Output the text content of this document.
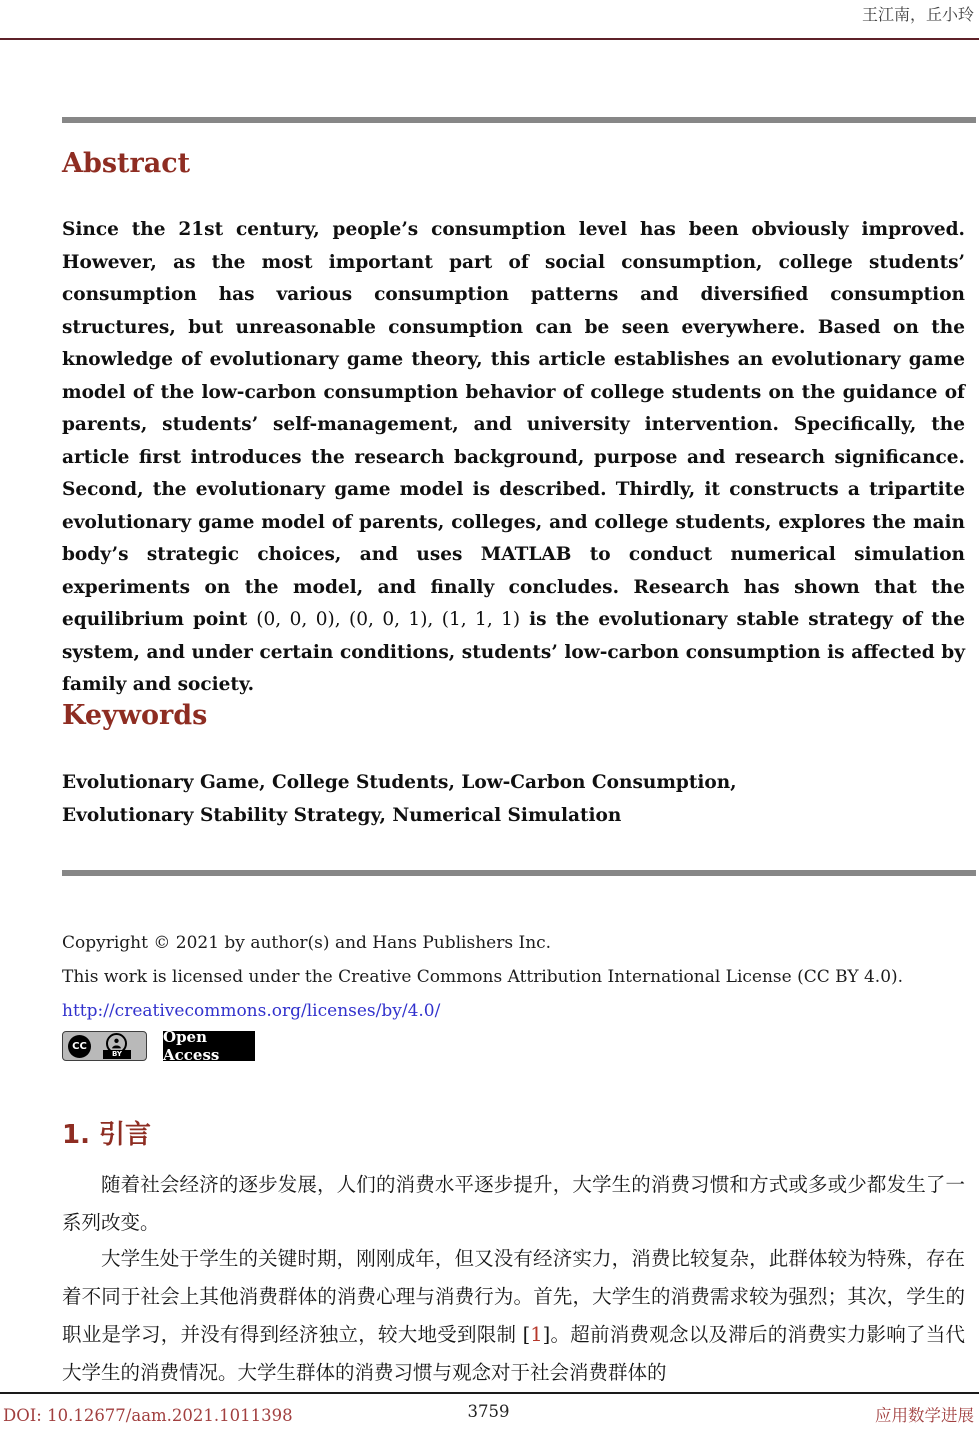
王江南，丘小玲
Abstract

Since the 21st century, people’s consumption level has been obviously improved. However, as the most important part of social consumption, college students’ consumption has various consumption patterns and diversified consumption structures, but unreasonable consumption can be seen everywhere. Based on the knowledge of evolutionary game theory, this article establishes an evolutionary game model of the low-carbon consumption behavior of college students on the guidance of parents, students’ self-management, and university intervention. Specifically, the article first introduces the research background, purpose and research significance. Second, the evolutionary game model is described. Thirdly, it constructs a tripartite evolutionary game model of parents, colleges, and college students, explores the main body’s strategic choices, and uses MATLAB to conduct numerical simulation experiments on the model, and finally concludes. Research has shown that the equilibrium point (0, 0, 0), (0, 0, 1), (1, 1, 1) is the evolutionary stable strategy of the system, and under certain conditions, students’ low-carbon consumption is affected by family and society.

Keywords
Evolutionary Game, College Students, Low-Carbon Consumption,
Evolutionary Stability Strategy, Numerical Simulation
Copyright © 2021 by author(s) and Hans Publishers Inc.
This work is licensed under the Creative Commons Attribution International License (CC BY 4.0).
http://creativecommons.org/licenses/by/4.0/
CC
BY
Open Access
1. 引言

随着社会经济的逐步发展，人们的消费水平逐步提升，大学生的消费习惯和方式或多或少都发生了一系列改变。

大学生处于学生的关键时期，刚刚成年，但又没有经济实力，消费比较复杂，此群体较为特殊，存在着不同于社会上其他消费群体的消费心理与消费行为。首先，大学生的消费需求较为强烈；其次，学生的职业是学习，并没有得到经济独立，较大地受到限制 [1]。超前消费观念以及滞后的消费实力影响了当代大学生的消费情况。大学生群体的消费习惯与观念对于社会消费群体的

DOI: 10.12677/aam.2021.1011398	3759	应用数学进展
